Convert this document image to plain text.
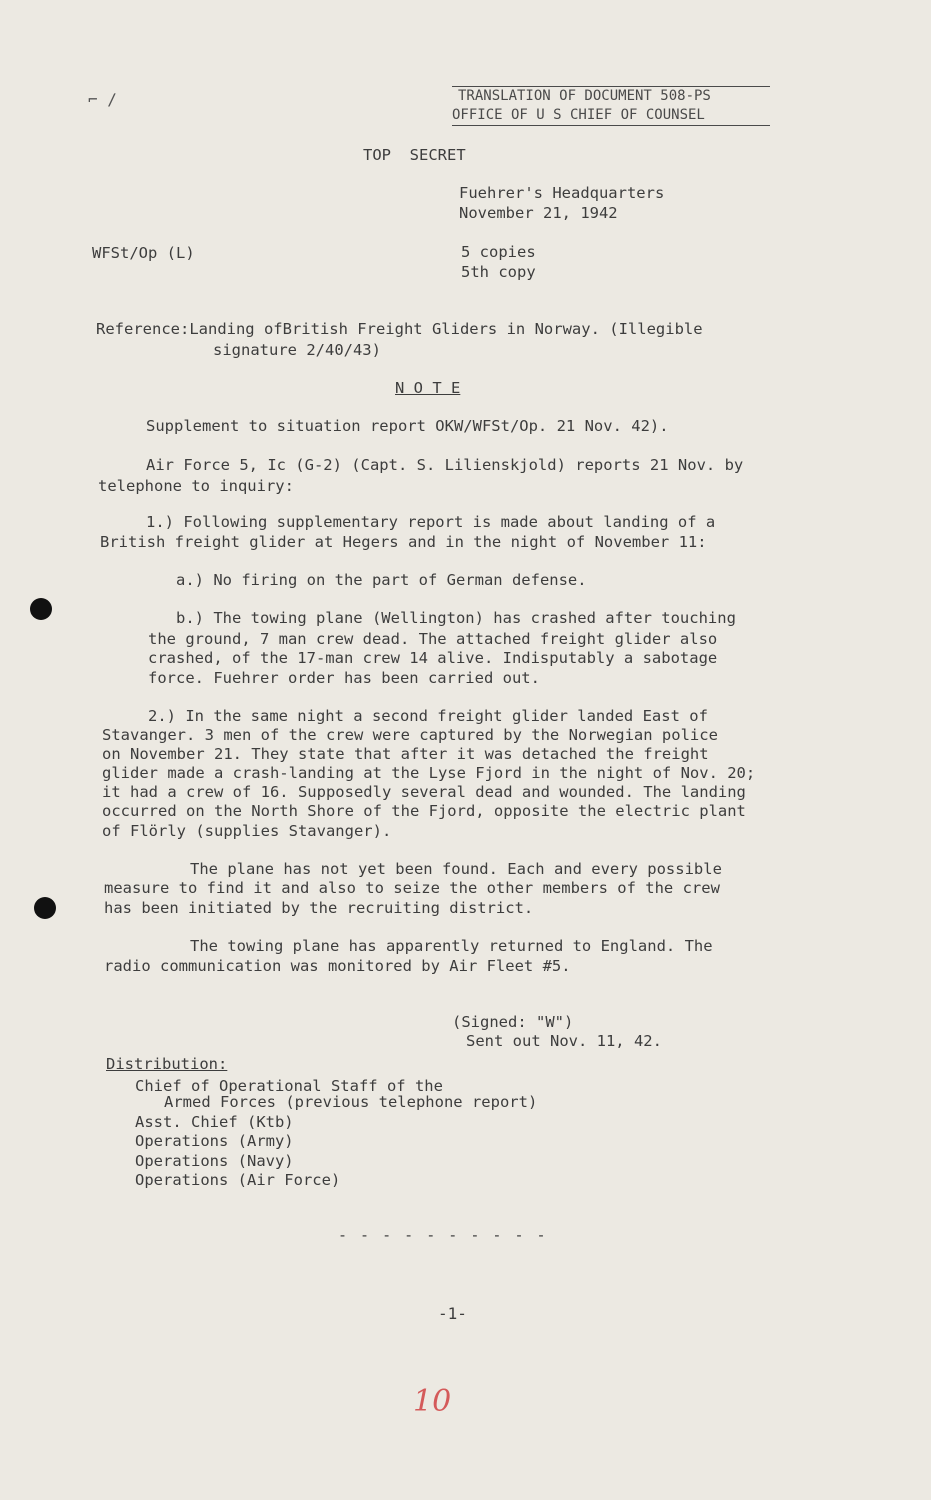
TRANSLATION OF DOCUMENT 508-PS
OFFICE OF U S CHIEF OF COUNSEL
⌐ ∕
TOP  SECRET
Fuehrer's Headquarters
November 21, 1942
WFSt/Op (L)	5 copies
5th copy
Reference:Landing ofBritish Freight Gliders in Norway. (Illegible
signature 2/40/43)
N O T E
Supplement to situation report OKW/WFSt/Op. 21 Nov. 42).
Air Force 5, Ic (G-2) (Capt. S. Lilienskjold) reports 21 Nov. by
telephone to inquiry:
1.) Following supplementary report is made about landing of a
British freight glider at Hegers and in the night of November 11:
a.) No firing on the part of German defense.
b.) The towing plane (Wellington) has crashed after touching
the ground, 7 man crew dead. The attached freight glider also
crashed, of the 17-man crew 14 alive. Indisputably a sabotage
force. Fuehrer order has been carried out.
2.) In the same night a second freight glider landed East of
Stavanger. 3 men of the crew were captured by the Norwegian police
on November 21. They state that after it was detached the freight
glider made a crash-landing at the Lyse Fjord in the night of Nov. 20;
it had a crew of 16. Supposedly several dead and wounded. The landing
occurred on the North Shore of the Fjord, opposite the electric plant
of Flörly (supplies Stavanger).
The plane has not yet been found. Each and every possible
measure to find it and also to seize the other members of the crew
has been initiated by the recruiting district.
The towing plane has apparently returned to England. The
radio communication was monitored by Air Fleet #5.
(Signed: "W")
Sent out Nov. 11, 42.
Distribution:
Chief of Operational Staff of the
Armed Forces (previous telephone report)
Asst. Chief (Ktb)
Operations (Army)
Operations (Navy)
Operations (Air Force)
- - - - - - - - - -
-1-
10
